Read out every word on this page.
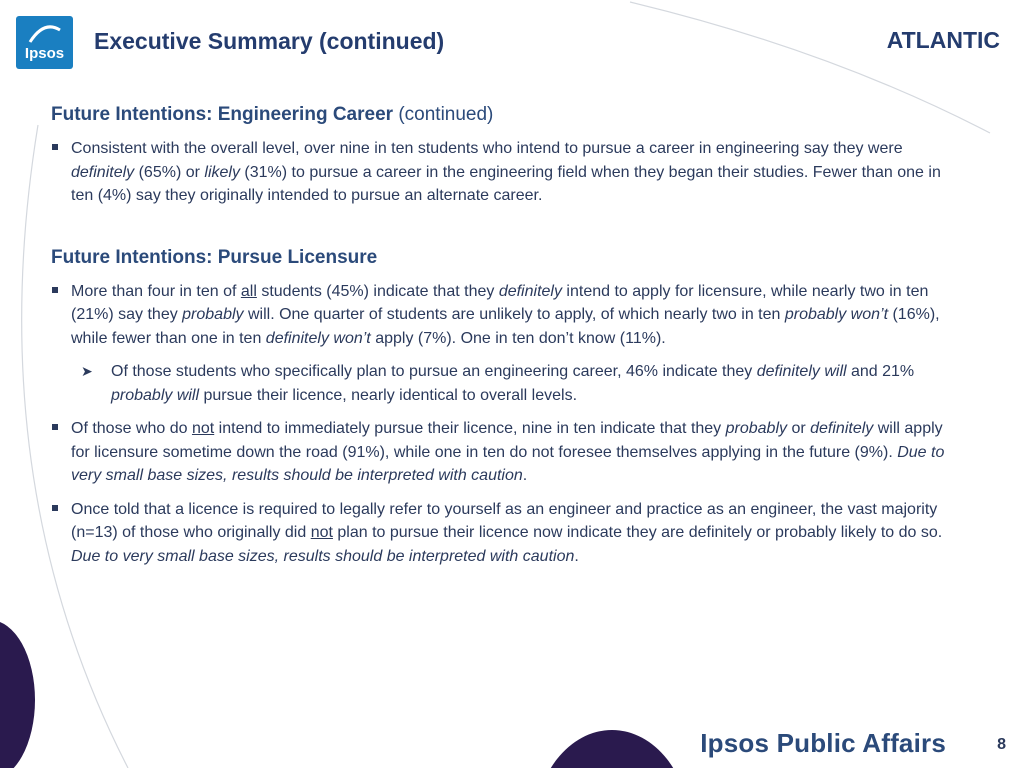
Ipsos Executive Summary (continued)	ATLANTIC

Future Intentions: Engineering Career (continued)

Consistent with the overall level, over nine in ten students who intend to pursue a career in engineering say they were definitely (65%) or likely (31%) to pursue a career in the engineering field when they began their studies. Fewer than one in ten (4%) say they originally intended to pursue an alternate career.

Future Intentions: Pursue Licensure

More than four in ten of all students (45%) indicate that they definitely intend to apply for licensure, while nearly two in ten (21%) say they probably will. One quarter of students are unlikely to apply, of which nearly two in ten probably won’t (16%), while fewer than one in ten definitely won’t apply (7%). One in ten don’t know (11%).
➤ Of those students who specifically plan to pursue an engineering career, 46% indicate they definitely will and 21% probably will pursue their licence, nearly identical to overall levels.
Of those who do not intend to immediately pursue their licence, nine in ten indicate that they probably or definitely will apply for licensure sometime down the road (91%), while one in ten do not foresee themselves applying in the future (9%). Due to very small base sizes, results should be interpreted with caution.
Once told that a licence is required to legally refer to yourself as an engineer and practice as an engineer, the vast majority (n=13) of those who originally did not plan to pursue their licence now indicate they are definitely or probably likely to do so. Due to very small base sizes, results should be interpreted with caution.
Ipsos Public Affairs	8
